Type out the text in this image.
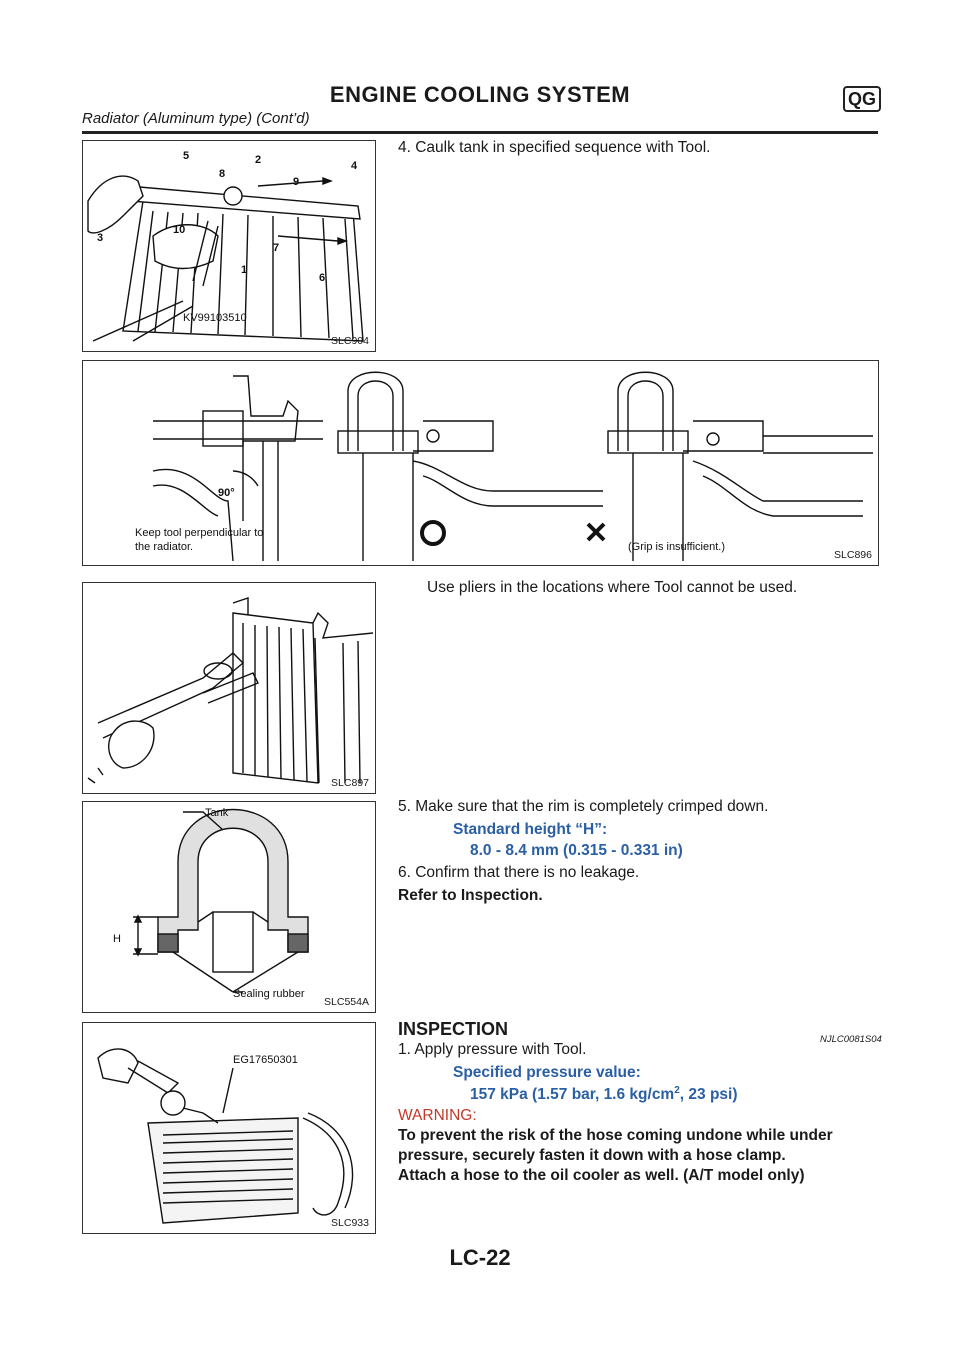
ENGINE COOLING SYSTEM	QG
Radiator (Aluminum type) (Cont’d)
5	2	4
8
9
3
10
7
1
6
KV99103510
SLC904
4. Caulk tank in specified sequence with Tool.
90°
Keep tool perpendicular to
the radiator.	(Grip is insufficient.)
SLC896
SLC897
Use pliers in the locations where Tool cannot be used.
Tank
H
Sealing rubber
SLC554A
5. Make sure that the rim is completely crimped down.
Standard height “H”:
8.0 - 8.4 mm (0.315 - 0.331 in)
6. Confirm that there is no leakage.
Refer to Inspection.
EG17650301
SLC933
INSPECTION
NJLC0081S04
1. Apply pressure with Tool.
Specified pressure value:
157 kPa (1.57 bar, 1.6 $kg/cm^2$, 23 psi)
WARNING:
To prevent the risk of the hose coming undone while under
pressure, securely fasten it down with a hose clamp.
Attach a hose to the oil cooler as well. (A/T model only)
LC-22
